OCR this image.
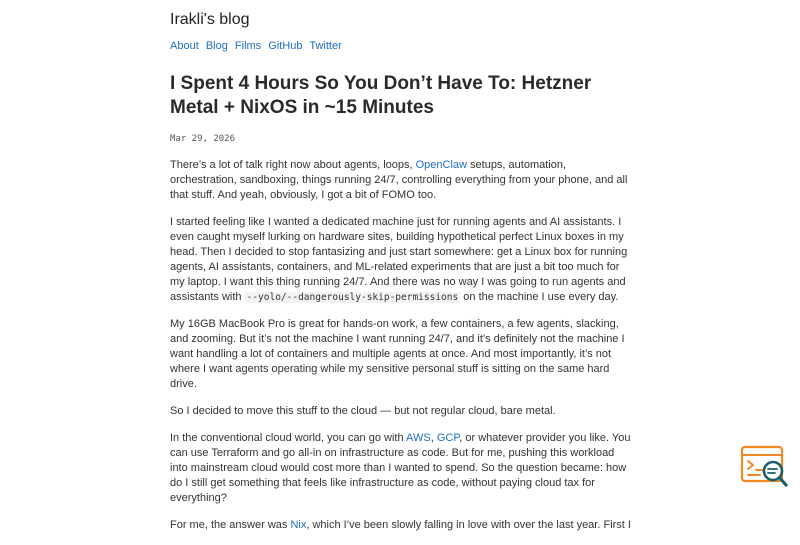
Irakli's blog
About Blog Films GitHub Twitter
I Spent 4 Hours So You Don’t Have To: Hetzner Metal + NixOS in ~15 Minutes
Mar 29, 2026

There’s a lot of talk right now about agents, loops, OpenClaw setups, automation, orchestration, sandboxing, things running 24/7, controlling everything from your phone, and all that stuff. And yeah, obviously, I got a bit of FOMO too.

I started feeling like I wanted a dedicated machine just for running agents and AI assistants. I even caught myself lurking on hardware sites, building hypothetical perfect Linux boxes in my head. Then I decided to stop fantasizing and just start somewhere: get a Linux box for running agents, AI assistants, containers, and ML-related experiments that are just a bit too much for my laptop. I want this thing running 24/7. And there was no way I was going to run agents and assistants with --yolo/--dangerously-skip-permissions on the machine I use every day.

My 16GB MacBook Pro is great for hands-on work, a few containers, a few agents, slacking, and zooming. But it’s not the machine I want running 24/7, and it’s definitely not the machine I want handling a lot of containers and multiple agents at once. And most importantly, it’s not where I want agents operating while my sensitive personal stuff is sitting on the same hard drive.

So I decided to move this stuff to the cloud — but not regular cloud, bare metal.

In the conventional cloud world, you can go with AWS, GCP, or whatever provider you like. You can use Terraform and go all-in on infrastructure as code. But for me, pushing this workload into mainstream cloud would cost more than I wanted to spend. So the question became: how do I still get something that feels like infrastructure as code, without paying cloud tax for everything?

For me, the answer was Nix, which I’ve been slowly falling in love with over the last year. First I
